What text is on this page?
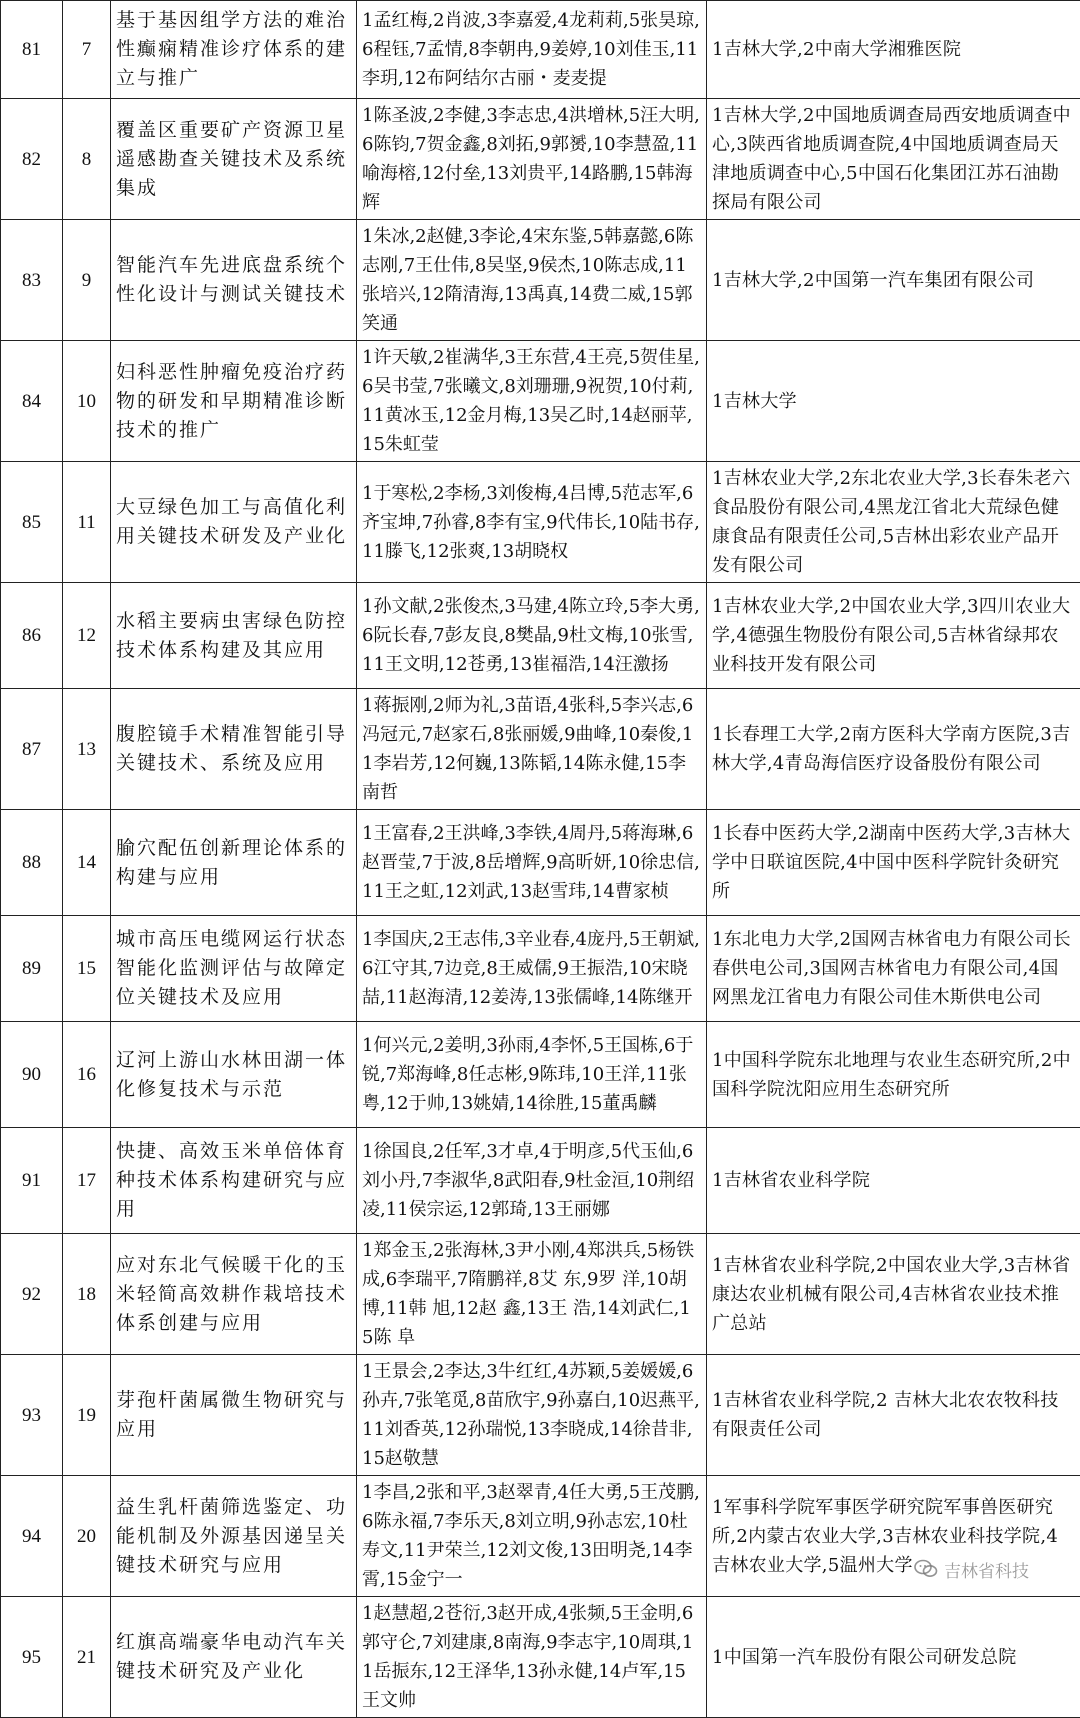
81	7	基于基因组学方法的难治性癫痫精准诊疗体系的建立与推广	1孟红梅,2肖波,3李嘉爱,4龙莉莉,5张昊琼,6程钰,7孟情,8李朝冉,9姜婷,10刘佳玉,11李玥,12布阿结尔古丽・麦麦提	1吉林大学,2中南大学湘雅医院
82	8	覆盖区重要矿产资源卫星遥感勘查关键技术及系统集成	1陈圣波,2李健,3李志忠,4洪增林,5汪大明,6陈钧,7贺金鑫,8刘拓,9郭赟,10李慧盈,11喻海榕,12付垒,13刘贵平,14路鹏,15韩海辉	1吉林大学,2中国地质调查局西安地质调查中心,3陕西省地质调查院,4中国地质调查局天津地质调查中心,5中国石化集团江苏石油勘探局有限公司
83	9	智能汽车先进底盘系统个性化设计与测试关键技术	1朱冰,2赵健,3李论,4宋东鉴,5韩嘉懿,6陈志刚,7王仕伟,8吴坚,9侯杰,10陈志成,11张培兴,12隋清海,13禹真,14费二威,15郭笑通	1吉林大学,2中国第一汽车集团有限公司
84	10	妇科恶性肿瘤免疫治疗药物的研发和早期精准诊断技术的推广	1许天敏,2崔满华,3王东营,4王亮,5贺佳星,6吴书莹,7张曦文,8刘珊珊,9祝贺,10付莉,11黄冰玉,12金月梅,13吴乙时,14赵丽苹,15朱虹莹	1吉林大学
85	11	大豆绿色加工与高值化利用关键技术研发及产业化	1于寒松,2李杨,3刘俊梅,4吕博,5范志军,6齐宝坤,7孙睿,8李有宝,9代伟长,10陆书存,11滕飞,12张爽,13胡晓权	1吉林农业大学,2东北农业大学,3长春朱老六食品股份有限公司,4黑龙江省北大荒绿色健康食品有限责任公司,5吉林出彩农业产品开发有限公司
86	12	水稻主要病虫害绿色防控技术体系构建及其应用	1孙文献,2张俊杰,3马建,4陈立玲,5李大勇,6阮长春,7彭友良,8樊晶,9杜文梅,10张雪,11王文明,12苍勇,13崔福浩,14汪激扬	1吉林农业大学,2中国农业大学,3四川农业大学,4德强生物股份有限公司,5吉林省绿邦农业科技开发有限公司
87	13	腹腔镜手术精准智能引导关键技术、系统及应用	1蒋振刚,2师为礼,3苗语,4张科,5李兴志,6冯冠元,7赵家石,8张丽媛,9曲峰,10秦俊,11李岩芳,12何巍,13陈韬,14陈永健,15李南哲	1长春理工大学,2南方医科大学南方医院,3吉林大学,4青岛海信医疗设备股份有限公司
88	14	腧穴配伍创新理论体系的构建与应用	1王富春,2王洪峰,3李铁,4周丹,5蒋海琳,6赵晋莹,7于波,8岳增辉,9高昕妍,10徐忠信,11王之虹,12刘武,13赵雪玮,14曹家桢	1长春中医药大学,2湖南中医药大学,3吉林大学中日联谊医院,4中国中医科学院针灸研究所
89	15	城市高压电缆网运行状态智能化监测评估与故障定位关键技术及应用	1李国庆,2王志伟,3辛业春,4庞丹,5王朝斌,6江守其,7边竞,8王威儒,9王振浩,10宋晓喆,11赵海清,12姜涛,13张儒峰,14陈继开	1东北电力大学,2国网吉林省电力有限公司长春供电公司,3国网吉林省电力有限公司,4国网黑龙江省电力有限公司佳木斯供电公司
90	16	辽河上游山水林田湖一体化修复技术与示范	1何兴元,2姜明,3孙雨,4李怀,5王国栋,6于锐,7郑海峰,8任志彬,9陈玮,10王洋,11张粤,12于帅,13姚婧,14徐胜,15董禹麟	1中国科学院东北地理与农业生态研究所,2中国科学院沈阳应用生态研究所
91	17	快捷、高效玉米单倍体育种技术体系构建研究与应用	1徐国良,2任军,3才卓,4于明彦,5代玉仙,6刘小丹,7李淑华,8武阳春,9杜金洹,10荆绍凌,11侯宗运,12郭琦,13王丽娜	1吉林省农业科学院
92	18	应对东北气候暖干化的玉米轻简高效耕作栽培技术体系创建与应用	1郑金玉,2张海林,3尹小刚,4郑洪兵,5杨铁成,6李瑞平,7隋鹏祥,8艾 东,9罗 洋,10胡 博,11韩 旭,12赵 鑫,13王 浩,14刘武仁,15陈 阜	1吉林省农业科学院,2中国农业大学,3吉林省康达农业机械有限公司,4吉林省农业技术推广总站
93	19	芽孢杆菌属微生物研究与应用	1王景会,2李达,3牛红红,4苏颖,5姜媛媛,6孙卉,7张笔觅,8苗欣宇,9孙嘉白,10迟燕平,11刘香英,12孙瑞悦,13李晓成,14徐昔非,15赵敬慧	1吉林省农业科学院,2 吉林大北农农牧科技有限责任公司
94	20	益生乳杆菌筛选鉴定、功能机制及外源基因递呈关键技术研究与应用	1李昌,2张和平,3赵翠青,4任大勇,5王茂鹏,6陈永福,7李乐天,8刘立明,9孙志宏,10杜寿文,11尹荣兰,12刘文俊,13田明尧,14李霄,15金宁一	1军事科学院军事医学研究院军事兽医研究所,2内蒙古农业大学,3吉林农业科技学院,4吉林农业大学,5温州大学
95	21	红旗高端豪华电动汽车关键技术研究及产业化	1赵慧超,2苍衍,3赵开成,4张频,5王金明,6郭守仑,7刘建康,8南海,9李志宇,10周琪,11岳振东,12王泽华,13孙永健,14卢军,15王文帅	1中国第一汽车股份有限公司研发总院
吉林省科技
